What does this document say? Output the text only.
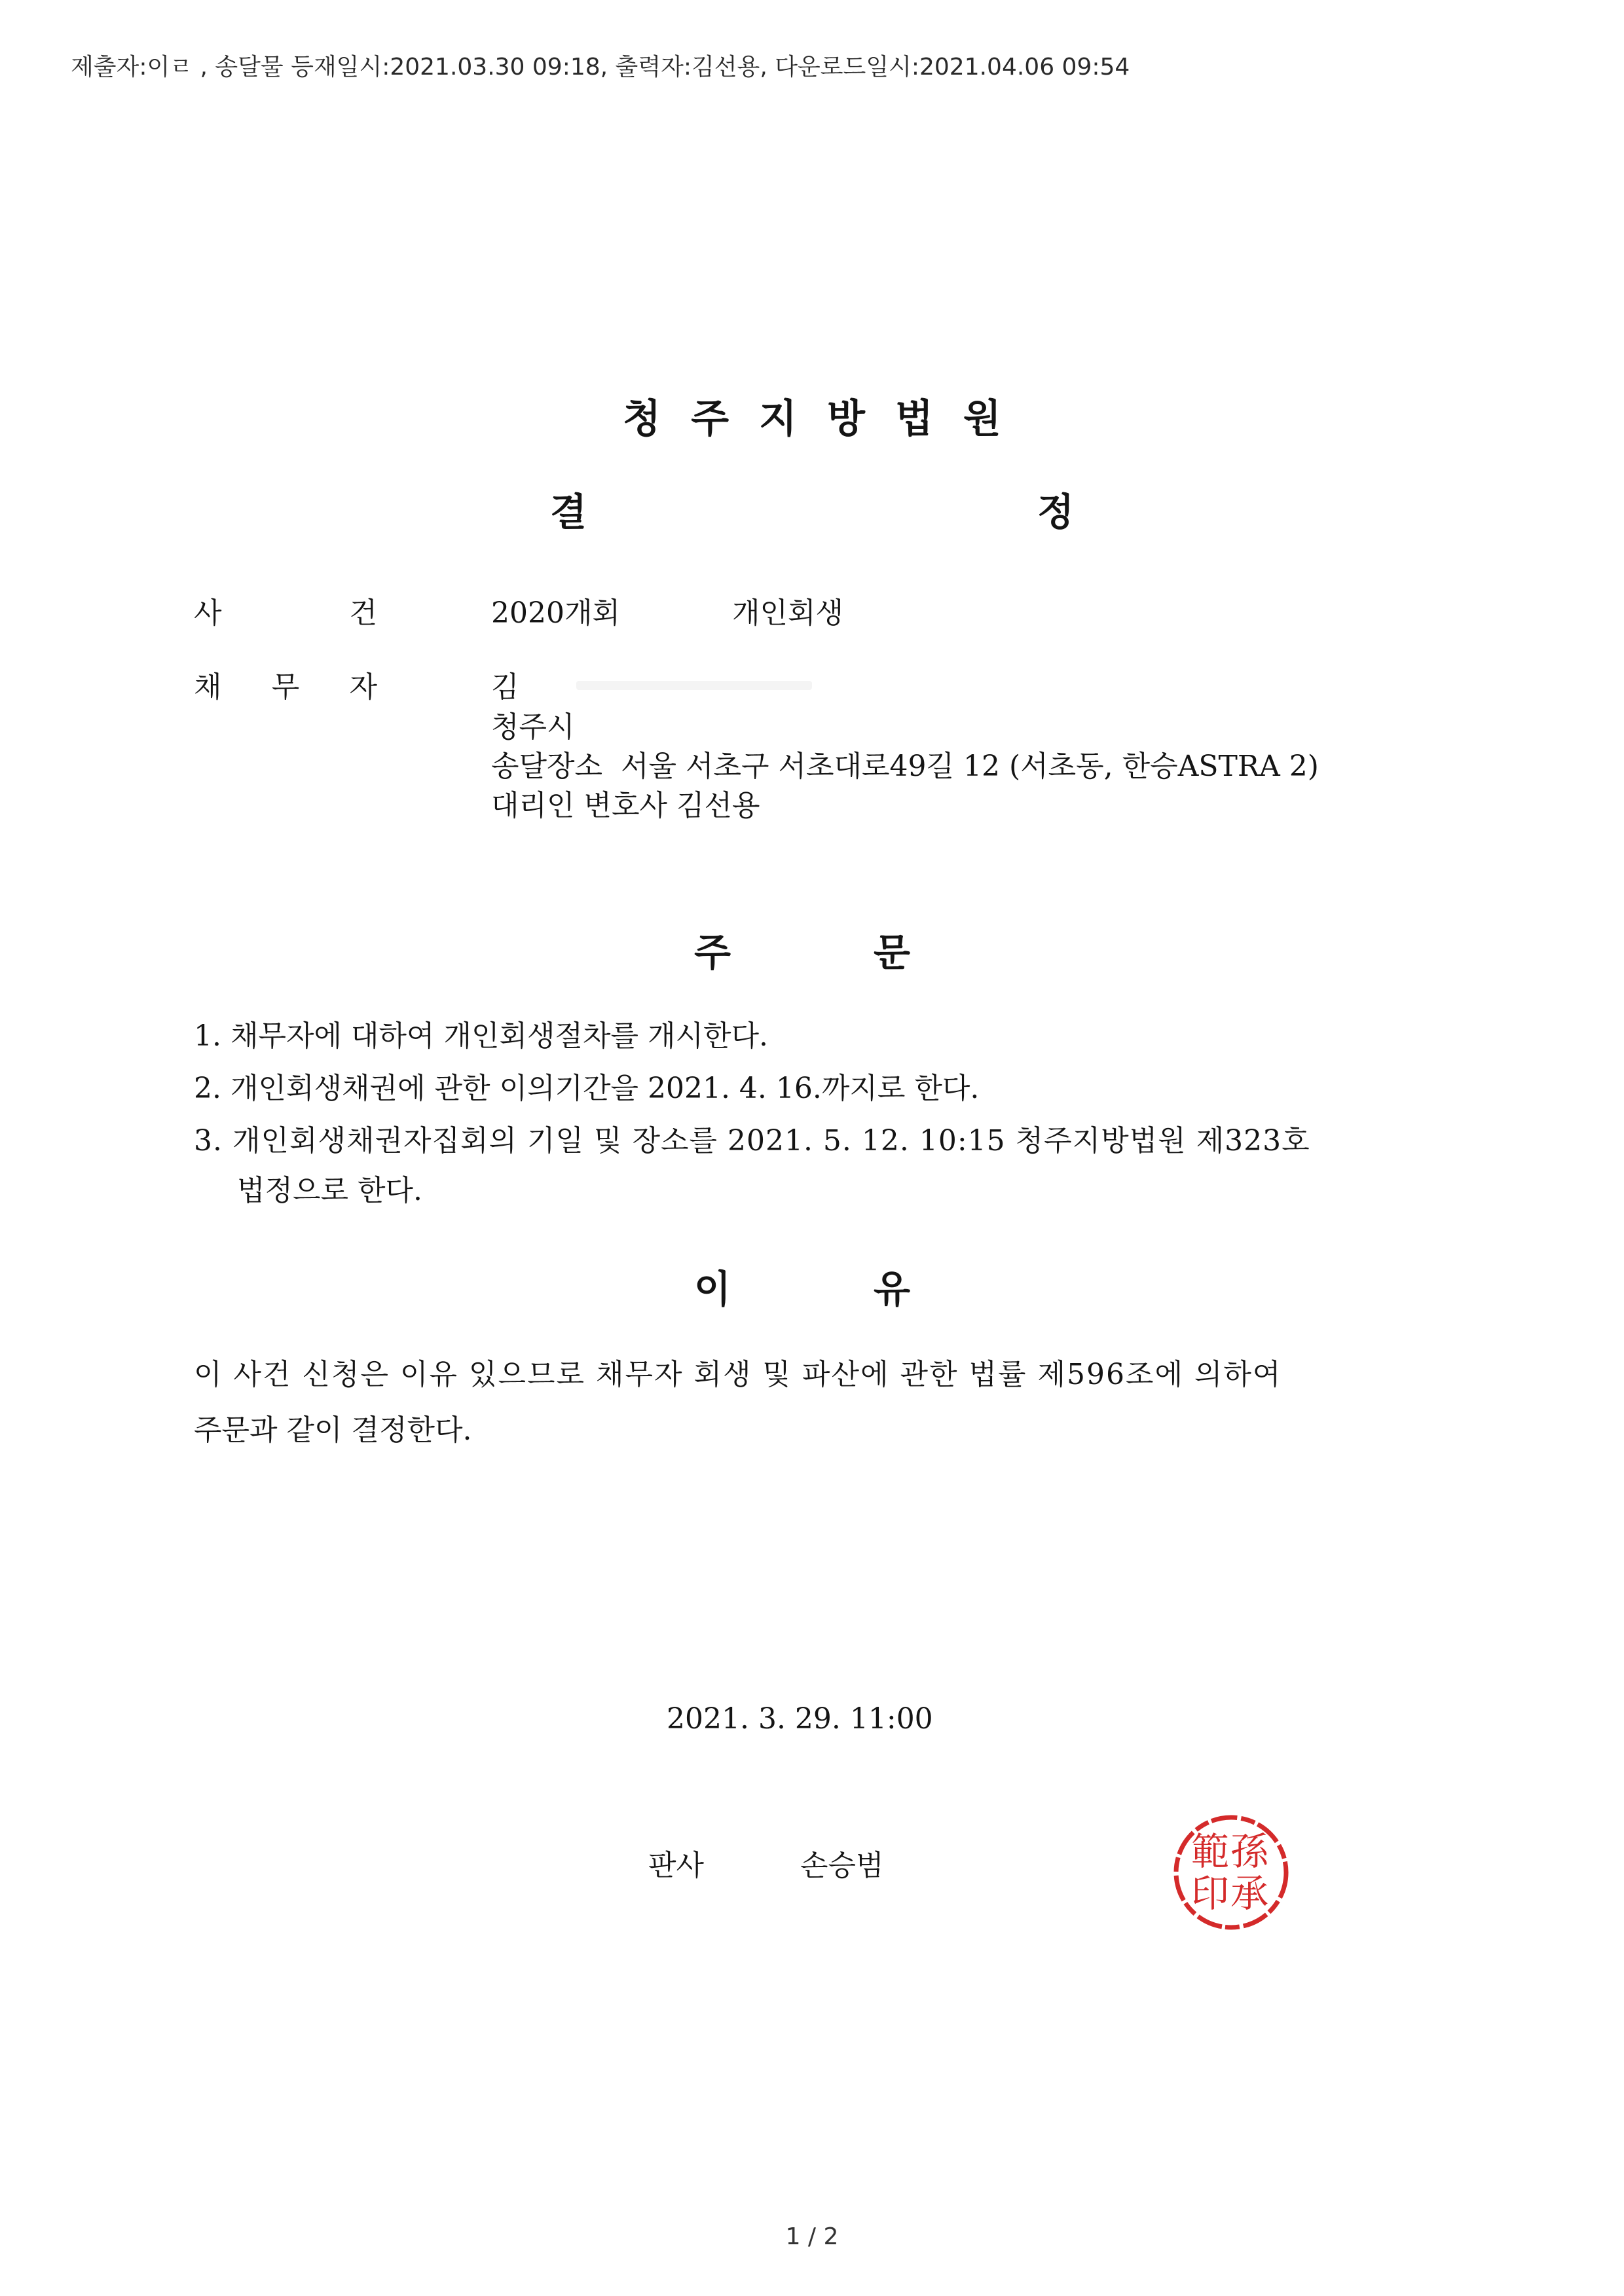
제출자:이ㄹ , 송달물 등재일시:2021.03.30 09:18, 출력자:김선용, 다운로드일시:2021.04.06 09:54
청주지방법원
결	정
사	건	2020개회	개인회생
채 무 자	김
청주시
송달장소 서울 서초구 서초대로49길 12 (서초동, 한승ASTRA 2)
대리인 변호사 김선용
주	문
1. 채무자에 대하여 개인회생절차를 개시한다.
2. 개인회생채권에 관한 이의기간을 2021. 4. 16.까지로 한다.
3. 개인회생채권자집회의 기일 및 장소를 2021. 5. 12. 10:15 청주지방법원 제323호
법정으로 한다.
이	유
이 사건 신청은 이유 있으므로 채무자 회생 및 파산에 관한 법률 제596조에 의하여
주문과 같이 결정한다.
2021. 3. 29. 11:00
판사	손승범	孫
承
範
印
1 / 2
